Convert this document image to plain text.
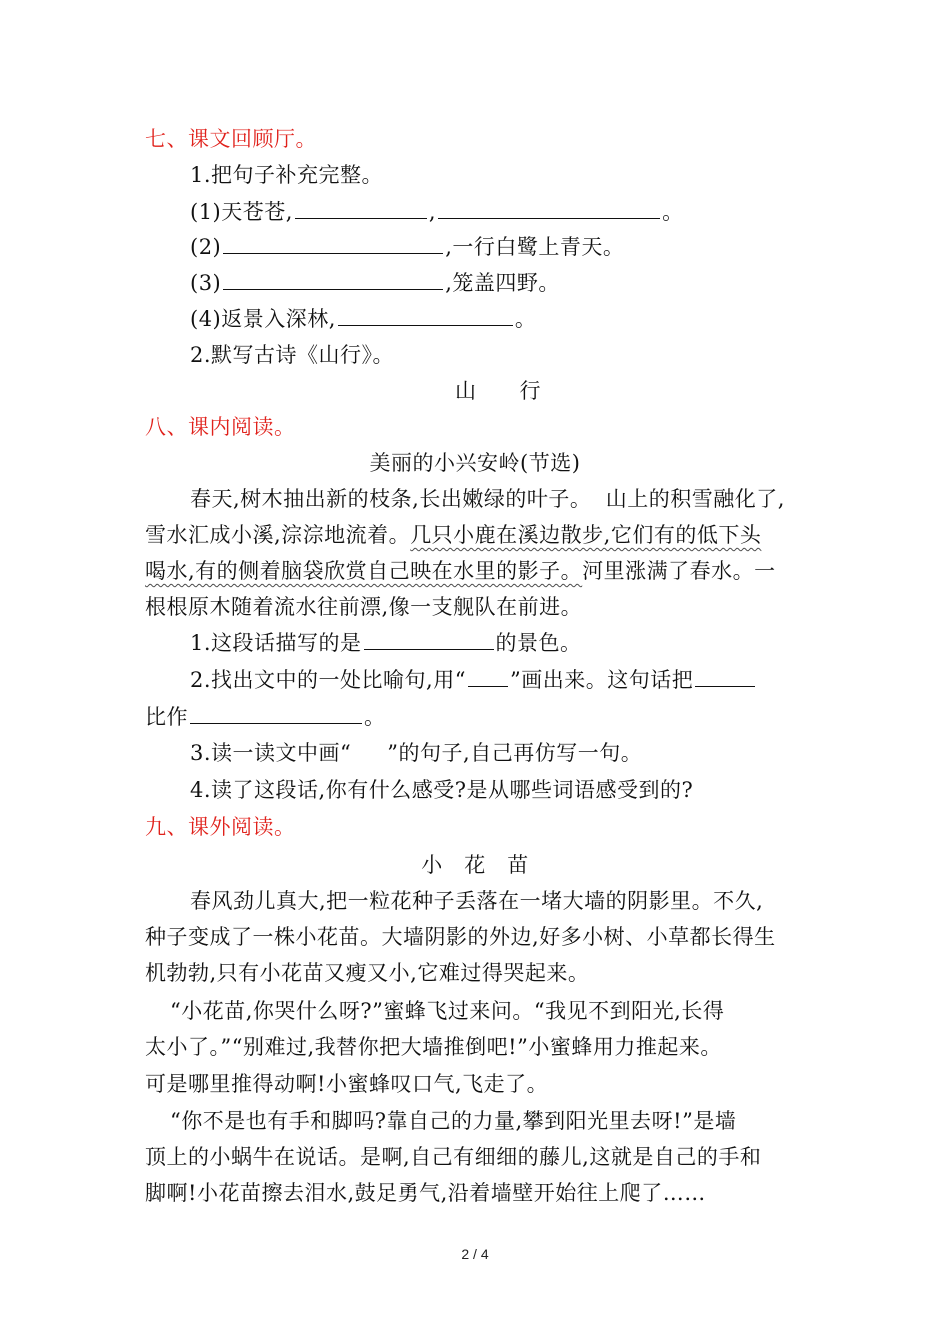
七、课文回顾厅。
1.把句子补充完整。
(1)天苍苍,	,	。
(2)	,一行白鹭上青天。
(3)	,笼盖四野。
(4)返景入深林,	。
2.默写古诗《山行》。
山      行
八、课内阅读。
美丽的小兴安岭(节选)
春天,树木抽出新的枝条,长出嫩绿的叶子。  山上的积雪融化了,
雪水汇成小溪,淙淙地流着。几只小鹿在溪边散步,它们有的低下头
喝水,有的侧着脑袋欣赏自己映在水里的影子。河里涨满了春水。一
根根原木随着流水往前漂,像一支舰队在前进。
1.这段话描写的是	的景色。
2.找出文中的一处比喻句,用“ ”画出来。这句话把
比作	。
3.读一读文中画“ ”的句子,自己再仿写一句。
4.读了这段话,你有什么感受?是从哪些词语感受到的?
九、课外阅读。
小   花   苗
春风劲儿真大,把一粒花种子丢落在一堵大墙的阴影里。不久,
种子变成了一株小花苗。大墙阴影的外边,好多小树、小草都长得生
机勃勃,只有小花苗又瘦又小,它难过得哭起来。
“小花苗,你哭什么呀?”蜜蜂飞过来问。“我见不到阳光,长得
太小了。”“别难过,我替你把大墙推倒吧!”小蜜蜂用力推起来。
可是哪里推得动啊!小蜜蜂叹口气,飞走了。
“你不是也有手和脚吗?靠自己的力量,攀到阳光里去呀!”是墙
顶上的小蜗牛在说话。是啊,自己有细细的藤儿,这就是自己的手和
脚啊!小花苗擦去泪水,鼓足勇气,沿着墙壁开始往上爬了……
2 / 4
